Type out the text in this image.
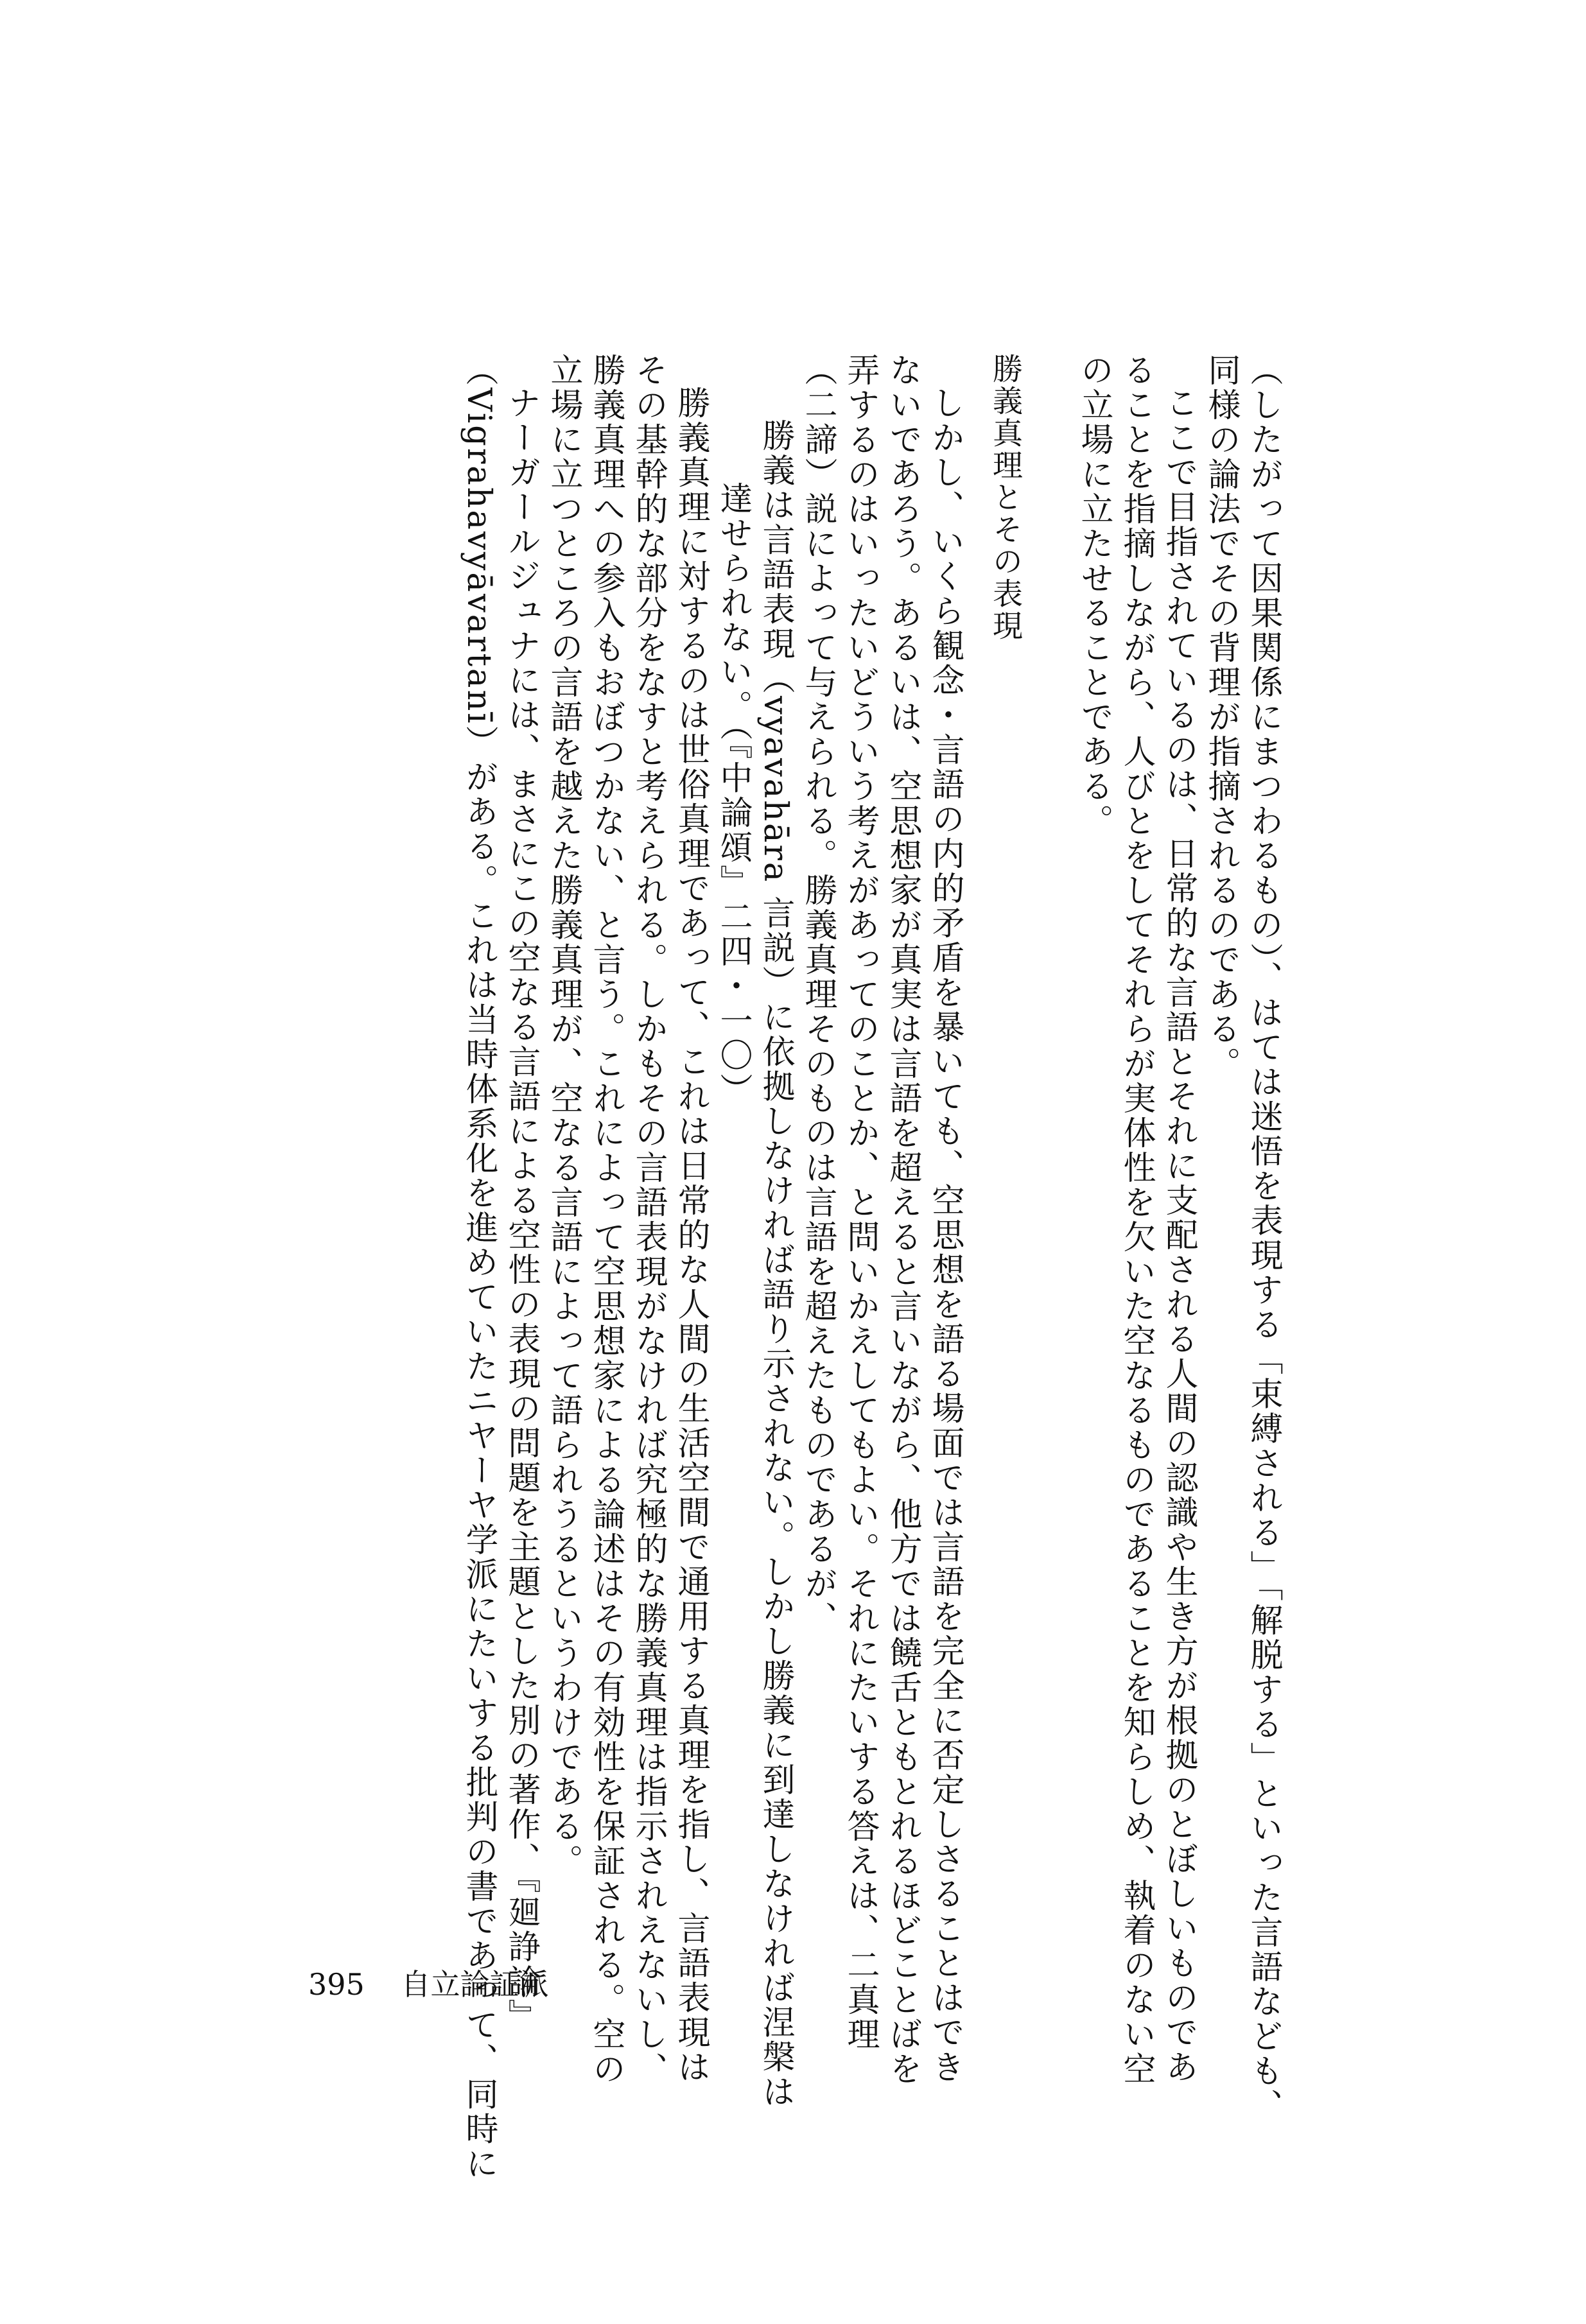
（したがって因果関係にまつわるもの）、はては迷悟を表現する「束縛される」「解脱する」といった言語なども、
同様の論法でその背理が指摘されるのである。
ここで目指されているのは、日常的な言語とそれに支配される人間の認識や生き方が根拠のとぼしいものであ
ることを指摘しながら、人びとをしてそれらが実体性を欠いた空なるものであることを知らしめ、執着のない空
の立場に立たせることである。
勝義真理とその表現
しかし、いくら観念・言語の内的矛盾を暴いても、空思想を語る場面では言語を完全に否定しさることはでき
ないであろう。あるいは、空思想家が真実は言語を超えると言いながら、他方では饒舌ともとれるほどことばを
弄するのはいったいどういう考えがあってのことか、と問いかえしてもよい。それにたいする答えは、二真理
（二諦）説によって与えられる。勝義真理そのものは言語を超えたものであるが、
勝義は言語表現（vyavahāra 言説）に依拠しなければ語り示されない。しかし勝義に到達しなければ涅槃は
達せられない。（『中論頌』二四・一〇）
勝義真理に対するのは世俗真理であって、これは日常的な人間の生活空間で通用する真理を指し、言語表現は
その基幹的な部分をなすと考えられる。しかもその言語表現がなければ究極的な勝義真理は指示されえないし、
勝義真理への参入もおぼつかない、と言う。これによって空思想家による論述はその有効性を保証される。空の
立場に立つところの言語を越えた勝義真理が、空なる言語によって語られうるというわけである。
ナーガールジュナには、まさにこの空なる言語による空性の表現の問題を主題とした別の著作、『廻諍論』
（Vigrahavyāvartanī）がある。これは当時体系化を進めていたニヤーヤ学派にたいする批判の書であって、同時に
395 自立論証派
